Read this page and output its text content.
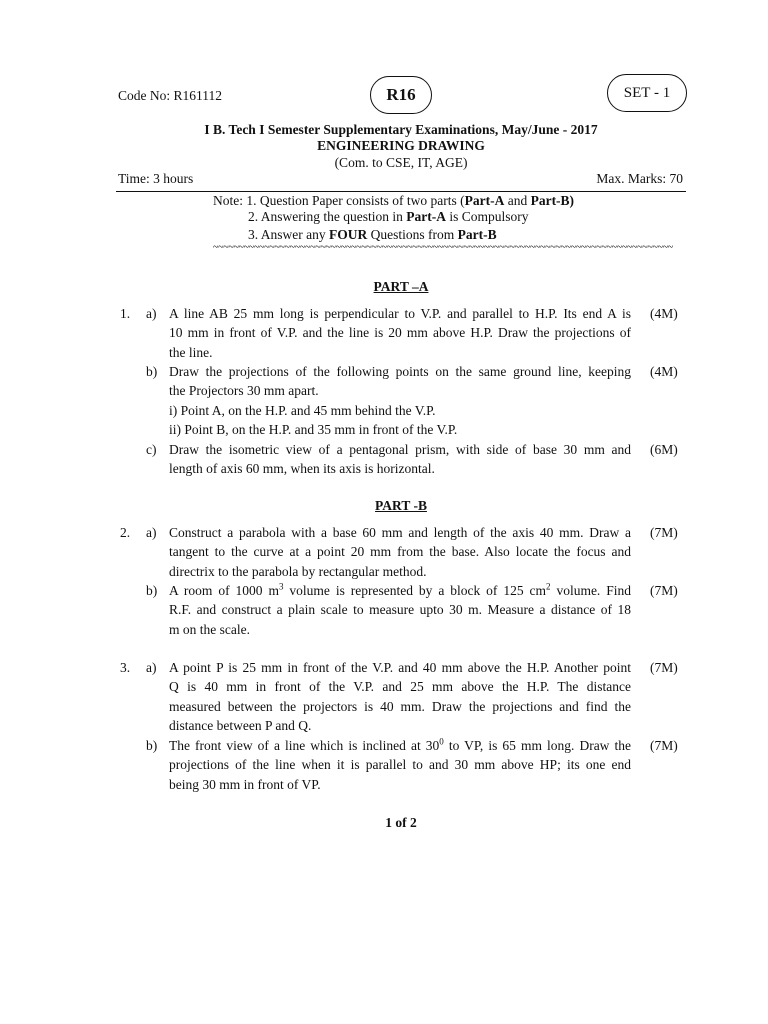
Code No: R161112	R16	SET - 1
I B. Tech I Semester Supplementary Examinations, May/June - 2017
ENGINEERING DRAWING
(Com. to CSE, IT, AGE)
Time: 3 hours	Max. Marks: 70
Note: 1. Question Paper consists of two parts (Part-A and Part-B)
2. Answering the question in Part-A is Compulsory
3. Answer any FOUR Questions from Part-B
~~~~~~~~~~~~~~~~~~~~~~~~~~~~~~~~~~~~~~~~~~~~~~~~~~~~~~~~~~~~~~~~~~~~~~~~~~~~~~~~~~~~~~~~~~
PART –A
1. a) A line AB 25 mm long is perpendicular to V.P. and parallel to H.P. Its end A is
10 mm in front of V.P. and the line is 20 mm above H.P. Draw the projections of
the line.
(4M)
b) Draw the projections of the following points on the same ground line, keeping
the Projectors 30 mm apart.
i) Point A, on the H.P. and 45 mm behind the V.P.
ii) Point B, on the H.P. and 35 mm in front of the V.P.
(4M)
c) Draw the isometric view of a pentagonal prism, with side of base 30 mm and
length of axis 60 mm, when its axis is horizontal.
(6M)
PART -B
2. a) Construct a parabola with a base 60 mm and length of the axis 40 mm. Draw a
tangent to the curve at a point 20 mm from the base. Also locate the focus and
directrix to the parabola by rectangular method.
(7M)
b) A room of 1000 $m^3$ volume is represented by a block of 125 $cm^2$ volume. Find
R.F. and construct a plain scale to measure upto 30 m. Measure a distance of 18
m on the scale.
(7M)
3. a) A point P is 25 mm in front of the V.P. and 40 mm above the H.P. Another point
Q is 40 mm in front of the V.P. and 25 mm above the H.P. The distance
measured between the projectors is 40 mm. Draw the projections and find the
distance between P and Q.
(7M)
b) The front view of a line which is inclined at $30^0$ to VP, is 65 mm long. Draw the
projections of the line when it is parallel to and 30 mm above HP; its one end
being 30 mm in front of VP.
(7M)
1 of 2
